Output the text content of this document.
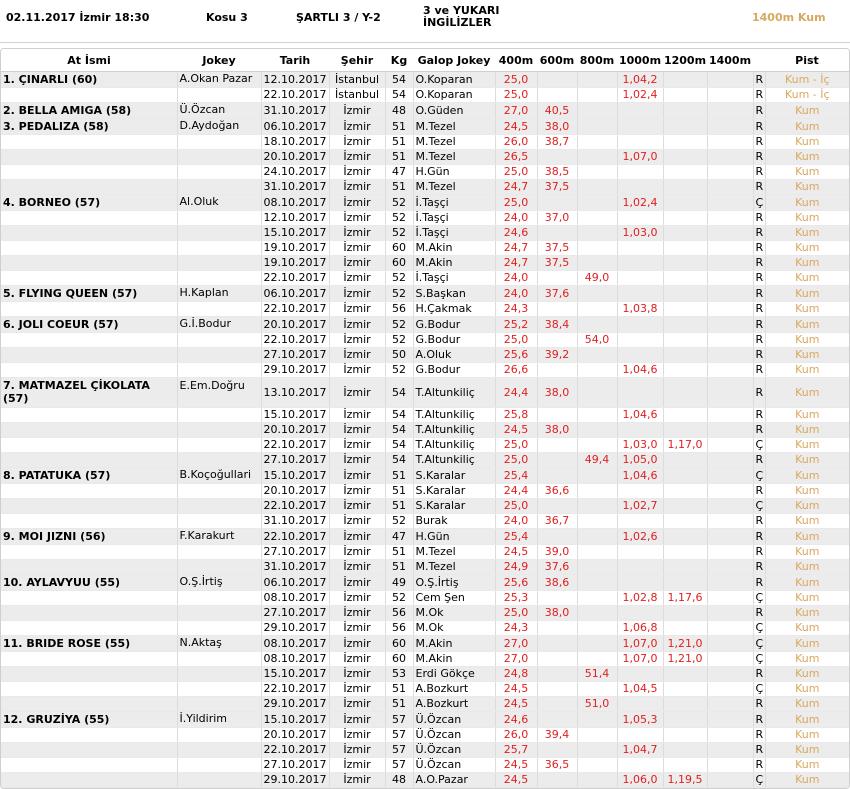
02.11.2017 İzmir 18:30	Kosu 3	ŞARTLI 3 / Y-2
3 ve YUKARI İNGİLİZLER	1400m Kum
At İsmi	Jokey	Tarih	Şehir	Kg	Galop Jokey	400m	600m	800m	1000m	1200m	1400m		Pist
1. ÇINARLI (60)	A.Okan Pazar	12.10.2017	İstanbul	54	O.Koparan	25,0			1,04,2			R	Kum - İç
		22.10.2017	İstanbul	54	O.Koparan	25,0			1,02,4			R	Kum - İç
2. BELLA AMIGA (58)	Ü.Özcan	31.10.2017	İzmir	48	O.Güden	27,0	40,5					R	Kum
3. PEDALIZA (58)	D.Aydoğan	06.10.2017	İzmir	51	M.Tezel	24,5	38,0					R	Kum
		18.10.2017	İzmir	51	M.Tezel	26,0	38,7					R	Kum
		20.10.2017	İzmir	51	M.Tezel	26,5			1,07,0			R	Kum
		24.10.2017	İzmir	47	H.Gün	25,0	38,5					R	Kum
		31.10.2017	İzmir	51	M.Tezel	24,7	37,5					R	Kum
4. BORNEO (57)	Al.Oluk	08.10.2017	İzmir	52	İ.Taşçi	25,0			1,02,4			Ç	Kum
		12.10.2017	İzmir	52	İ.Taşçi	24,0	37,0					R	Kum
		15.10.2017	İzmir	52	İ.Taşçi	24,6			1,03,0			R	Kum
		19.10.2017	İzmir	60	M.Akin	24,7	37,5					R	Kum
		19.10.2017	İzmir	60	M.Akin	24,7	37,5					R	Kum
		22.10.2017	İzmir	52	İ.Taşçi	24,0		49,0				R	Kum
5. FLYING QUEEN (57)	H.Kaplan	06.10.2017	İzmir	52	S.Başkan	24,0	37,6					R	Kum
		22.10.2017	İzmir	56	H.Çakmak	24,3			1,03,8			R	Kum
6. JOLI COEUR (57)	G.İ.Bodur	20.10.2017	İzmir	52	G.Bodur	25,2	38,4					R	Kum
		22.10.2017	İzmir	52	G.Bodur	25,0		54,0				R	Kum
		27.10.2017	İzmir	50	A.Oluk	25,6	39,2					R	Kum
		29.10.2017	İzmir	52	G.Bodur	26,6			1,04,6			R	Kum
7. MATMAZEL ÇİKOLATA (57)	E.Em.Doğru	13.10.2017	İzmir	54	T.Altunkiliç	24,4	38,0					R	Kum
		15.10.2017	İzmir	54	T.Altunkiliç	25,8			1,04,6			R	Kum
		20.10.2017	İzmir	54	T.Altunkiliç	24,5	38,0					R	Kum
		22.10.2017	İzmir	54	T.Altunkiliç	25,0			1,03,0	1,17,0		Ç	Kum
		27.10.2017	İzmir	54	T.Altunkiliç	25,0		49,4	1,05,0			R	Kum
8. PATATUKA (57)	B.Koçoğullari	15.10.2017	İzmir	51	S.Karalar	25,4			1,04,6			Ç	Kum
		20.10.2017	İzmir	51	S.Karalar	24,4	36,6					R	Kum
		22.10.2017	İzmir	51	S.Karalar	25,0			1,02,7			Ç	Kum
		31.10.2017	İzmir	52	Burak	24,0	36,7					R	Kum
9. MOI JIZNI (56)	F.Karakurt	22.10.2017	İzmir	47	H.Gün	25,4			1,02,6			R	Kum
		27.10.2017	İzmir	51	M.Tezel	24,5	39,0					R	Kum
		31.10.2017	İzmir	51	M.Tezel	24,9	37,6					R	Kum
10. AYLAVYUU (55)	O.Ş.İrtiş	06.10.2017	İzmir	49	O.Ş.İrtiş	25,6	38,6					R	Kum
		08.10.2017	İzmir	52	Cem Şen	25,3			1,02,8	1,17,6		Ç	Kum
		27.10.2017	İzmir	56	M.Ok	25,0	38,0					R	Kum
		29.10.2017	İzmir	56	M.Ok	24,3			1,06,8			Ç	Kum
11. BRIDE ROSE (55)	N.Aktaş	08.10.2017	İzmir	60	M.Akin	27,0			1,07,0	1,21,0		Ç	Kum
		08.10.2017	İzmir	60	M.Akin	27,0			1,07,0	1,21,0		Ç	Kum
		15.10.2017	İzmir	53	Erdi Gökçe	24,8		51,4				R	Kum
		22.10.2017	İzmir	51	A.Bozkurt	24,5			1,04,5			Ç	Kum
		29.10.2017	İzmir	51	A.Bozkurt	24,5		51,0				R	Kum
12. GRUZİYA (55)	İ.Yildirim	15.10.2017	İzmir	57	Ü.Özcan	24,6			1,05,3			R	Kum
		20.10.2017	İzmir	57	Ü.Özcan	26,0	39,4					R	Kum
		22.10.2017	İzmir	57	Ü.Özcan	25,7			1,04,7			R	Kum
		27.10.2017	İzmir	57	Ü.Özcan	24,5	36,5					R	Kum
		29.10.2017	İzmir	48	A.O.Pazar	24,5			1,06,0	1,19,5		Ç	Kum
